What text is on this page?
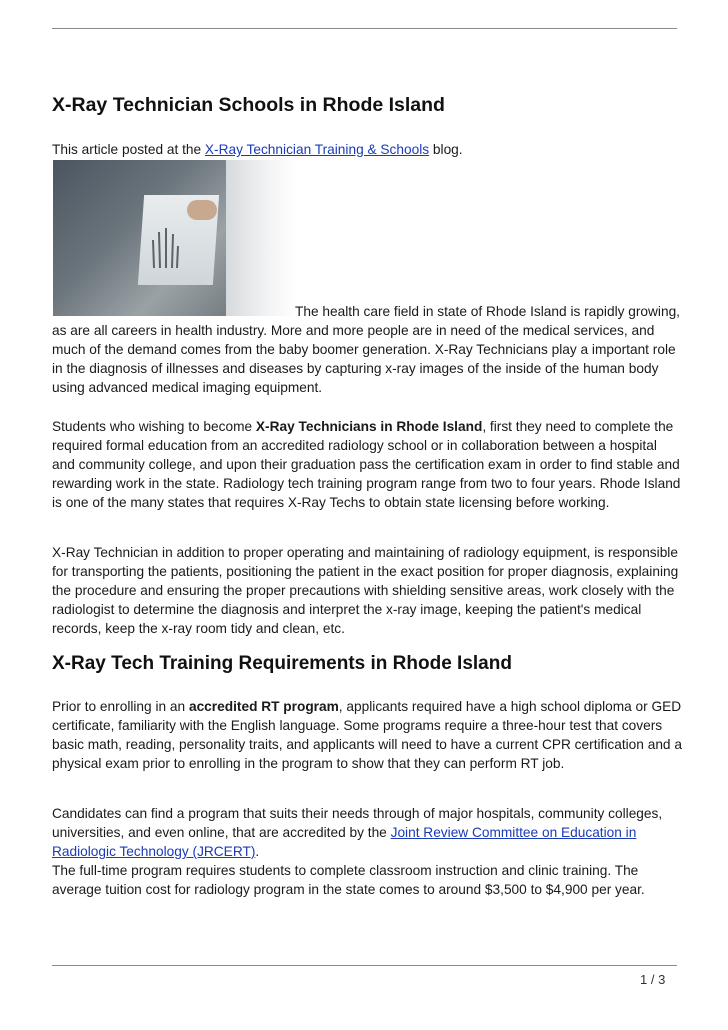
X-Ray Technician Schools in Rhode Island
This article posted at the X-Ray Technician Training & Schools blog.

The health care field in state of Rhode Island is rapidly growing, as are all careers in health industry. More and more people are in need of the medical services, and much of the demand comes from the baby boomer generation. X-Ray Technicians play a important role in the diagnosis of illnesses and diseases by capturing x-ray images of the inside of the human body using advanced medical imaging equipment.

Students who wishing to become X-Ray Technicians in Rhode Island, first they need to complete the required formal education from an accredited radiology school or in collaboration between a hospital and community college, and upon their graduation pass the certification exam in order to find stable and rewarding work in the state. Radiology tech training program range from two to four years. Rhode Island is one of the many states that requires X-Ray Techs to obtain state licensing before working.

X-Ray Technician in addition to proper operating and maintaining of radiology equipment, is responsible for transporting the patients, positioning the patient in the exact position for proper diagnosis, explaining the procedure and ensuring the proper precautions with shielding sensitive areas, work closely with the radiologist to determine the diagnosis and interpret the x-ray image, keeping the patient's medical records, keep the x-ray room tidy and clean, etc.

X-Ray Tech Training Requirements in Rhode Island

Prior to enrolling in an accredited RT program, applicants required have a high school diploma or GED certificate, familiarity with the English language. Some programs require a three-hour test that covers basic math, reading, personality traits, and applicants will need to have a current CPR certification and a physical exam prior to enrolling in the program to show that they can perform RT job.

Candidates can find a program that suits their needs through of major hospitals, community colleges, universities, and even online, that are accredited by the Joint Review Committee on Education in Radiologic Technology (JRCERT).
The full-time program requires students to complete classroom instruction and clinic training. The average tuition cost for radiology program in the state comes to around $3,500 to $4,900 per year.

1 / 3
